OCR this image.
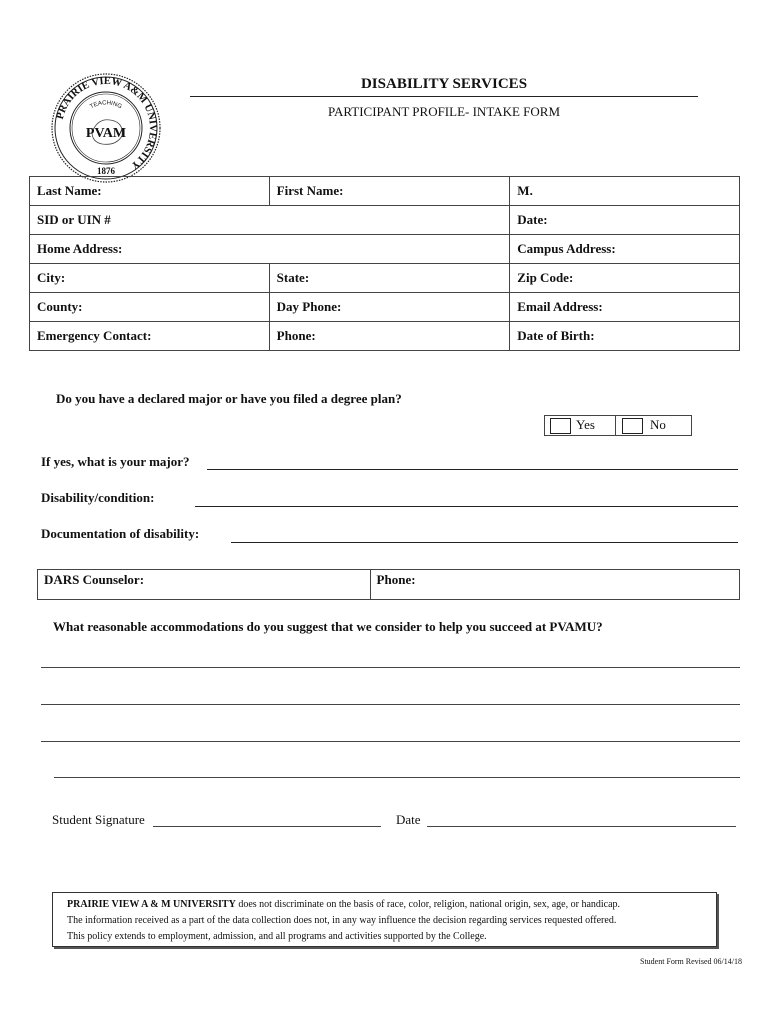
PRAIRIE VIEW A&M UNIVERSITY
TEACHING
PVAM
1876
DISABILITY SERVICES
PARTICIPANT PROFILE- INTAKE FORM
Last Name:	First Name:	M.
SID or UIN #		Date:
Home Address:		Campus Address:
City:	State:	Zip Code:
County:	Day Phone:	Email Address:
Emergency Contact:	Phone:	Date of Birth:
Do you have a declared major or have you filed a degree plan?
Yes	No
If yes, what is your major?
Disability/condition:
Documentation of disability:
DARS Counselor:	Phone:
What reasonable accommodations do you suggest that we consider to help you succeed at PVAMU?
Student Signature	Date

PRAIRIE VIEW A & M UNIVERSITY does not discriminate on the basis of race, color, religion, national origin, sex, age, or handicap.

The information received as a part of the data collection does not, in any way influence the decision regarding services requested offered.

This policy extends to employment, admission, and all programs and activities supported by the College.

Student Form Revised 06/14/18
